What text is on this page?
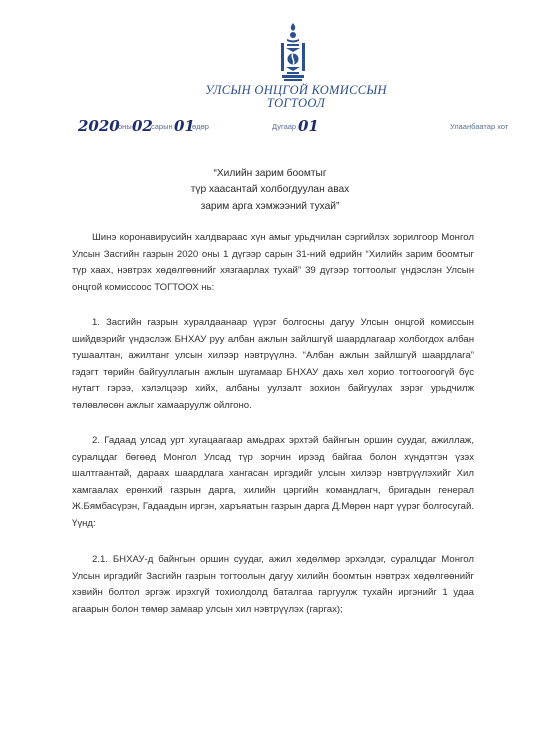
УЛСЫН ОНЦГОЙ КОМИССЫН
ТОГТООЛ
2020
оны 02
сарын 01
өдөр	Дугаар 01	Улаанбаатар хот
“Хилийн зарим боомтыг
түр хаасантай холбогдуулан авах
зарим арга хэмжээний тухай”
Шинэ коронавирусийн халдвараас хүн амыг урьдчилан сэргийлэх зорилгоор Монгол Улсын Засгийн газрын 2020 оны 1 дүгээр сарын 31-ний өдрийн “Хилийн зарим боомтыг түр хаах, нэвтрэх хөдөлгөөнийг хязгаарлах тухай” 39 дүгээр тогтоолыг үндэслэн Улсын онцгой комиссоос ТОГТООХ нь:
1. Засгийн газрын хуралдаанаар үүрэг болгосны дагуу Улсын онцгой комиссын шийдвэрийг үндэслэж БНХАУ руу албан ажлын зайлшгүй шаардлагаар холбогдох албан тушаалтан, ажилтанг улсын хилээр нэвтрүүлнэ. “Албан ажлын зайлшгүй шаардлага” гэдэгт төрийн байгууллагын ажлын шугамаар БНХАУ дахь хөл хорио тогтоогоогүй бүс нутагт гэрээ, хэлэлцээр хийх, албаны уулзалт зохион байгуулах зэрэг урьдчилж төлөвлөсөн ажлыг хамааруулж ойлгоно.
2. Гадаад улсад урт хугацаагаар амьдрах эрхтэй байнгын оршин суудаг, ажиллаж, суралцдаг бөгөөд Монгол Улсад түр зорчин ирээд байгаа болон хүндэтгэн үзэх шалтгаантай, дараах шаардлага хангасан иргэдийг улсын хилээр нэвтрүүлэхийг Хил хамгаалах ерөнхий газрын дарга, хилийн цэргийн командлагч, бригадын генерал Ж.Бямбасүрэн, Гадаадын иргэн, харъяатын газрын дарга Д.Мөрөн нарт үүрэг болгосугай. Үүнд:
2.1. БНХАУ-д байнгын оршин суудаг, ажил хөдөлмөр эрхэлдэг, суралцдаг Монгол Улсын иргэдийг Засгийн газрын тогтоолын дагуу хилийн боомтын нэвтрэх хөдөлгөөнийг хэвийн болтол эргэж ирэхгүй тохиолдолд баталгаа гаргуулж тухайн иргэнийг 1 удаа агаарын болон төмөр замаар улсын хил нэвтрүүлэх (гаргах);
